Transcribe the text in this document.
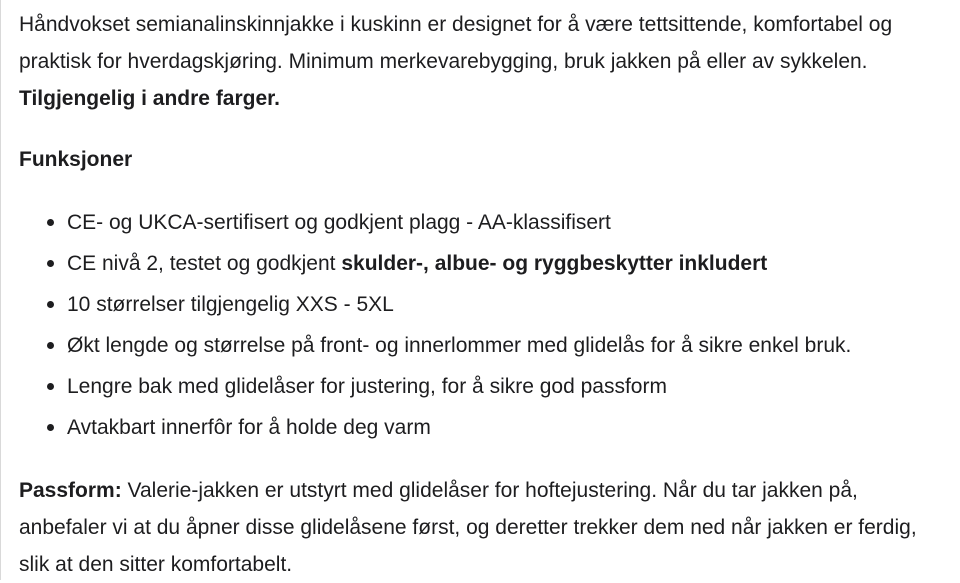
Håndvokset semianalinskinnjakke i kuskinn er designet for å være tettsittende, komfortabel og praktisk for hverdagskjøring. Minimum merkevarebygging, bruk jakken på eller av sykkelen.   Tilgjengelig i andre farger.

Funksjoner

CE- og UKCA-sertifisert og godkjent plagg - AA-klassifisert
CE nivå 2, testet og godkjent skulder-, albue- og ryggbeskytter inkludert
10 størrelser tilgjengelig XXS - 5XL
Økt lengde og størrelse på front- og innerlommer med glidelås for å sikre enkel bruk.
Lengre bak med glidelåser for justering, for å sikre god passform
Avtakbart innerfôr for å holde deg varm

Passform: Valerie-jakken er utstyrt med glidelåser for hoftejustering. Når du tar jakken på, anbefaler vi at du åpner disse glidelåsene først, og deretter trekker dem ned når jakken er ferdig, slik at den sitter komfortabelt.
